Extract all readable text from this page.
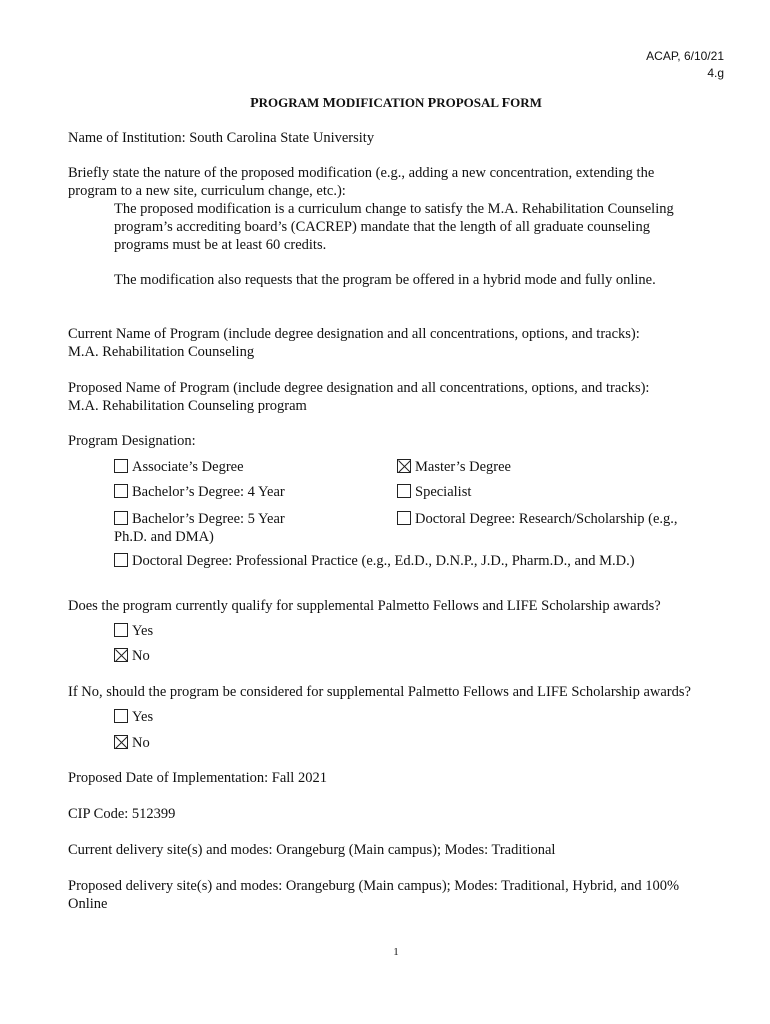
ACAP, 6/10/21
4.g
PROGRAM MODIFICATION PROPOSAL FORM
Name of Institution: South Carolina State University
Briefly state the nature of the proposed modification (e.g., adding a new concentration, extending the
program to a new site, curriculum change, etc.):
The proposed modification is a curriculum change to satisfy the M.A. Rehabilitation Counseling
program’s accrediting board’s (CACREP) mandate that the length of all graduate counseling
programs must be at least 60 credits.
The modification also requests that the program be offered in a hybrid mode and fully online.
Current Name of Program (include degree designation and all concentrations, options, and tracks):
M.A. Rehabilitation Counseling
Proposed Name of Program (include degree designation and all concentrations, options, and tracks):
M.A. Rehabilitation Counseling program
Program Designation:
Associate’s Degree	Master’s Degree
Bachelor’s Degree: 4 Year	Specialist
Bachelor’s Degree: 5 Year	Doctoral Degree: Research/Scholarship (e.g.,
Ph.D. and DMA)
Doctoral Degree: Professional Practice (e.g., Ed.D., D.N.P., J.D., Pharm.D., and M.D.)
Does the program currently qualify for supplemental Palmetto Fellows and LIFE Scholarship awards?
Yes
No
If No, should the program be considered for supplemental Palmetto Fellows and LIFE Scholarship awards?
Yes
No
Proposed Date of Implementation: Fall 2021
CIP Code: 512399
Current delivery site(s) and modes: Orangeburg (Main campus); Modes: Traditional
Proposed delivery site(s) and modes: Orangeburg (Main campus); Modes: Traditional, Hybrid, and 100%
Online
1
